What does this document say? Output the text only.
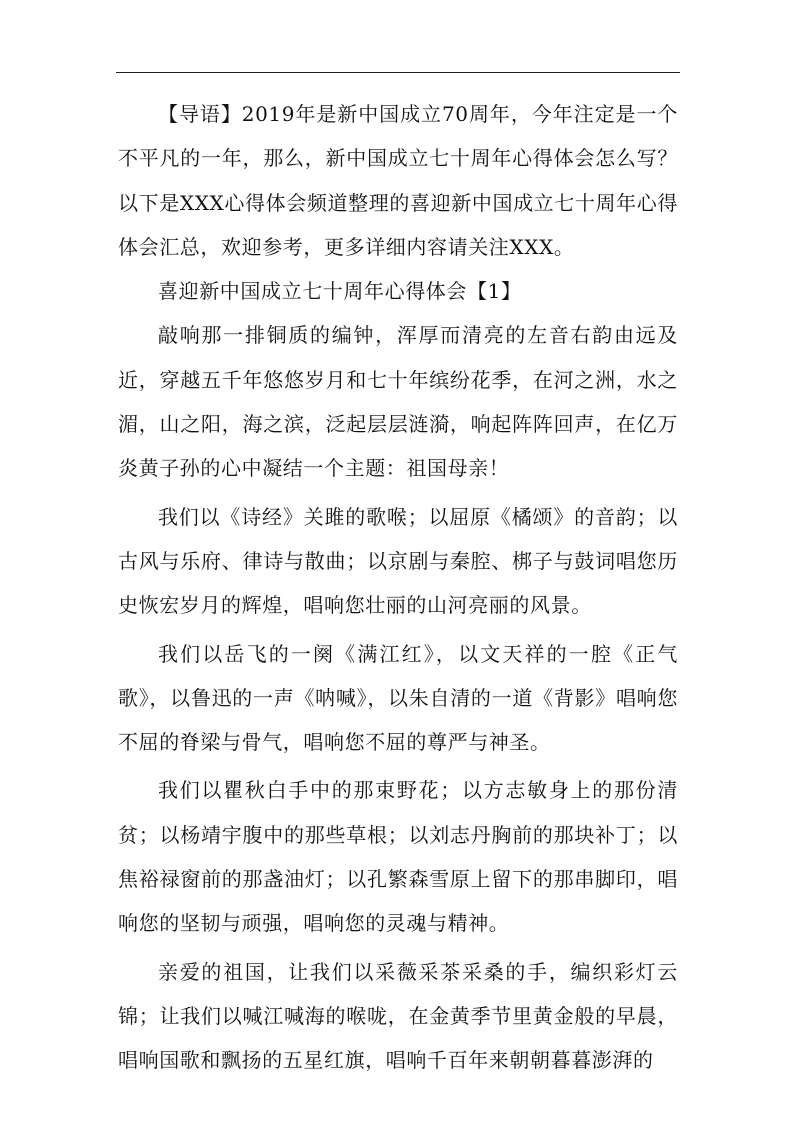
【导语】2019年是新中国成立70周年，今年注定是一个不平凡的一年，那么，新中国成立七十周年心得体会怎么写？以下是XXX心得体会频道整理的喜迎新中国成立七十周年心得体会汇总，欢迎参考，更多详细内容请关注XXX。

喜迎新中国成立七十周年心得体会【1】

敲响那一排铜质的编钟，浑厚而清亮的左音右韵由远及近，穿越五千年悠悠岁月和七十年缤纷花季，在河之洲，水之湄，山之阳，海之滨，泛起层层涟漪，响起阵阵回声，在亿万炎黄子孙的心中凝结一个主题：祖国母亲！

我们以《诗经》关雎的歌喉；以屈原《橘颂》的音韵；以古风与乐府、律诗与散曲；以京剧与秦腔、梆子与鼓词唱您历史恢宏岁月的辉煌，唱响您壮丽的山河亮丽的风景。

我们以岳飞的一阕《满江红》，以文天祥的一腔《正气歌》，以鲁迅的一声《呐喊》，以朱自清的一道《背影》唱响您不屈的脊梁与骨气，唱响您不屈的尊严与神圣。

我们以瞿秋白手中的那束野花；以方志敏身上的那份清贫；以杨靖宇腹中的那些草根；以刘志丹胸前的那块补丁；以焦裕禄窗前的那盏油灯；以孔繁森雪原上留下的那串脚印，唱响您的坚韧与顽强，唱响您的灵魂与精神。

亲爱的祖国，让我们以采薇采茶采桑的手，编织彩灯云锦；让我们以喊江喊海的喉咙，在金黄季节里黄金般的早晨，唱响国歌和飘扬的五星红旗，唱响千百年来朝朝暮暮澎湃的
